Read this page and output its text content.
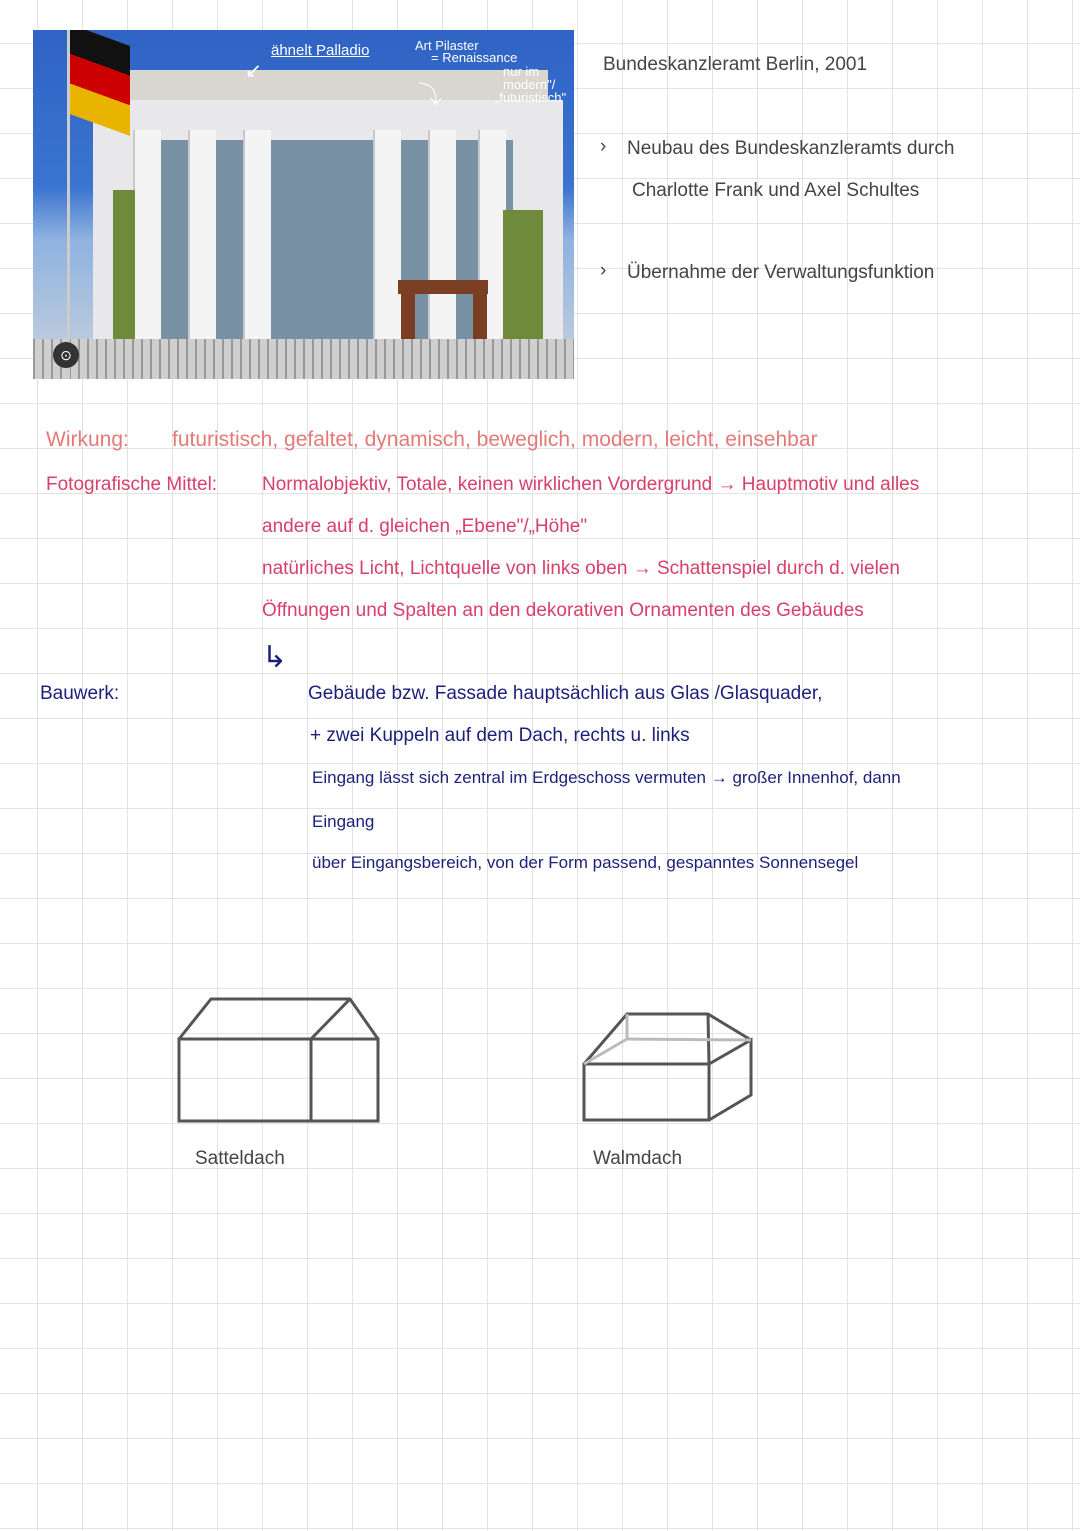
⊙
ähnelt Palladio
↙
Art Pilaster
= Renaissance
nur im
modern"/
„futuristisch"
⤵
Bundeskanzleramt Berlin, 2001
› Neubau des Bundeskanzleramts durch
Charlotte Frank und Axel Schultes
› Übernahme der Verwaltungsfunktion
Wirkung: futuristisch, gefaltet, dynamisch, beweglich, modern, leicht, einsehbar
Fotografische Mittel: Normalobjektiv, Totale, keinen wirklichen Vordergrund → Hauptmotiv und alles
andere auf d. gleichen „Ebene"/„Höhe"
natürliches Licht, Lichtquelle von links oben → Schattenspiel durch d. vielen
Öffnungen und Spalten an den dekorativen Ornamenten des Gebäudes
↳
Bauwerk:	Gebäude bzw. Fassade hauptsächlich aus Glas /Glasquader,
+ zwei Kuppeln auf dem Dach, rechts u. links
Eingang lässt sich zentral im Erdgeschoss vermuten → großer Innenhof, dann
Eingang
über Eingangsbereich, von der Form passend, gespanntes Sonnensegel
Satteldach	Walmdach
